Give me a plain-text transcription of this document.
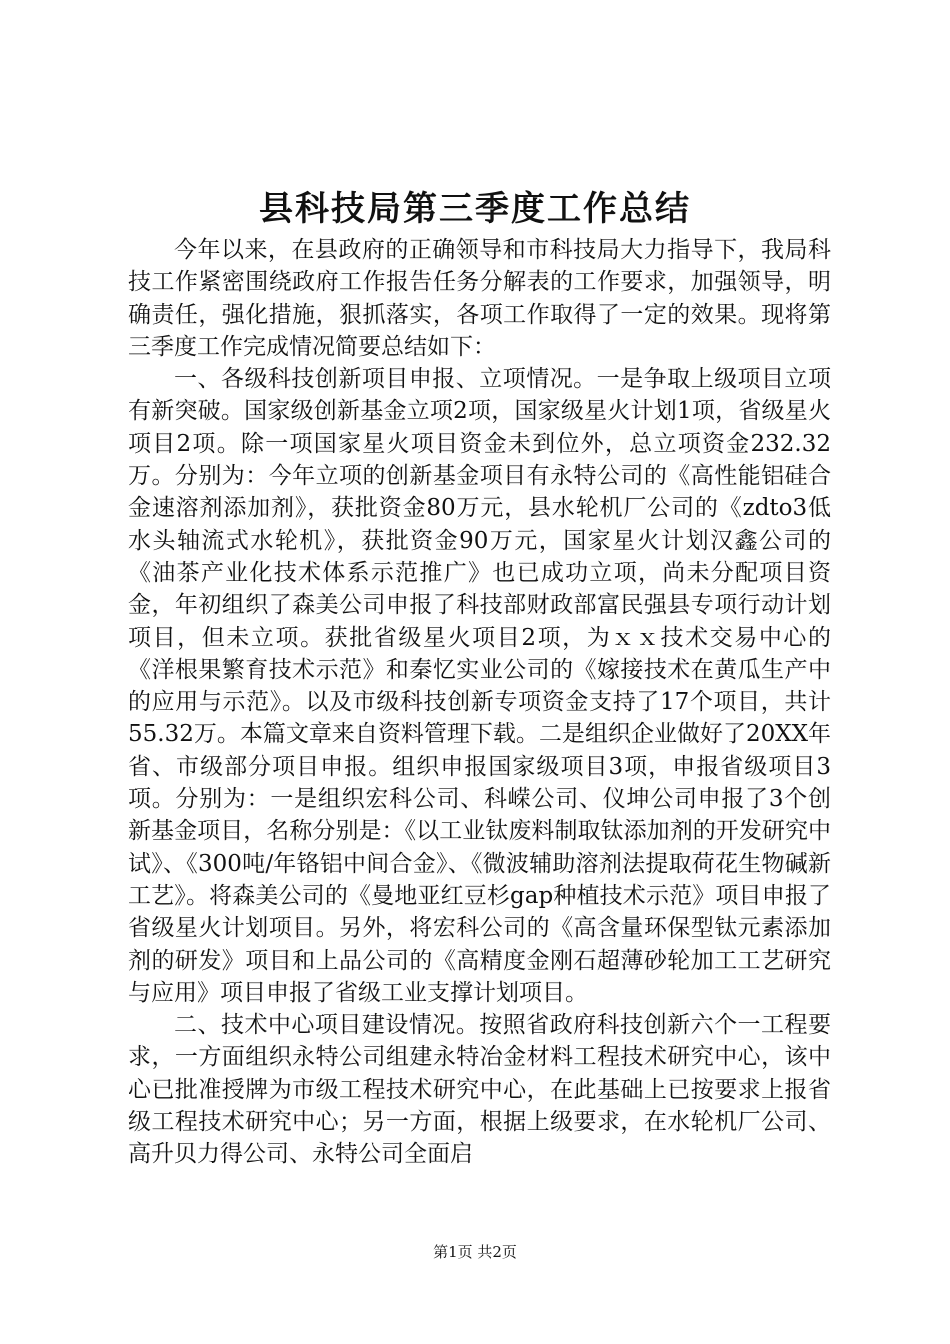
县科技局第三季度工作总结

今年以来，在县政府的正确领导和市科技局大力指导下，我局科技工作紧密围绕政府工作报告任务分解表的工作要求，加强领导，明确责任，强化措施，狠抓落实，各项工作取得了一定的效果。现将第三季度工作完成情况简要总结如下：

一、各级科技创新项目申报、立项情况。一是争取上级项目立项有新突破。国家级创新基金立项2项，国家级星火计划1项，省级星火项目2项。除一项国家星火项目资金未到位外，总立项资金232.32万。分别为：今年立项的创新基金项目有永特公司的《高性能铝硅合金速溶剂添加剂》，获批资金80万元，县水轮机厂公司的《zdto3低水头轴流式水轮机》，获批资金90万元，国家星火计划汉鑫公司的《油茶产业化技术体系示范推广》也已成功立项，尚未分配项目资金，年初组织了森美公司申报了科技部财政部富民强县专项行动计划项目，但未立项。获批省级星火项目2项，为ｘｘ技术交易中心的《洋根果繁育技术示范》和秦忆实业公司的《嫁接技术在黄瓜生产中的应用与示范》。以及市级科技创新专项资金支持了17个项目，共计55.32万。本篇文章来自资料管理下载。二是组织企业做好了20XX年省、市级部分项目申报。组织申报国家级项目3项，申报省级项目3项。分别为：一是组织宏科公司、科嵘公司、仪坤公司申报了3个创新基金项目，名称分别是：《以工业钛废料制取钛添加剂的开发研究中试》、《300吨/年铬铝中间合金》、《微波辅助溶剂法提取荷花生物碱新工艺》。将森美公司的《曼地亚红豆杉gap种植技术示范》项目申报了省级星火计划项目。另外，将宏科公司的《高含量环保型钛元素添加剂的研发》项目和上品公司的《高精度金刚石超薄砂轮加工工艺研究与应用》项目申报了省级工业支撑计划项目。

二、技术中心项目建设情况。按照省政府科技创新六个一工程要求，一方面组织永特公司组建永特冶金材料工程技术研究中心，该中心已批准授牌为市级工程技术研究中心，在此基础上已按要求上报省级工程技术研究中心；另一方面，根据上级要求，在水轮机厂公司、高升贝力得公司、永特公司全面启

第1页 共2页
